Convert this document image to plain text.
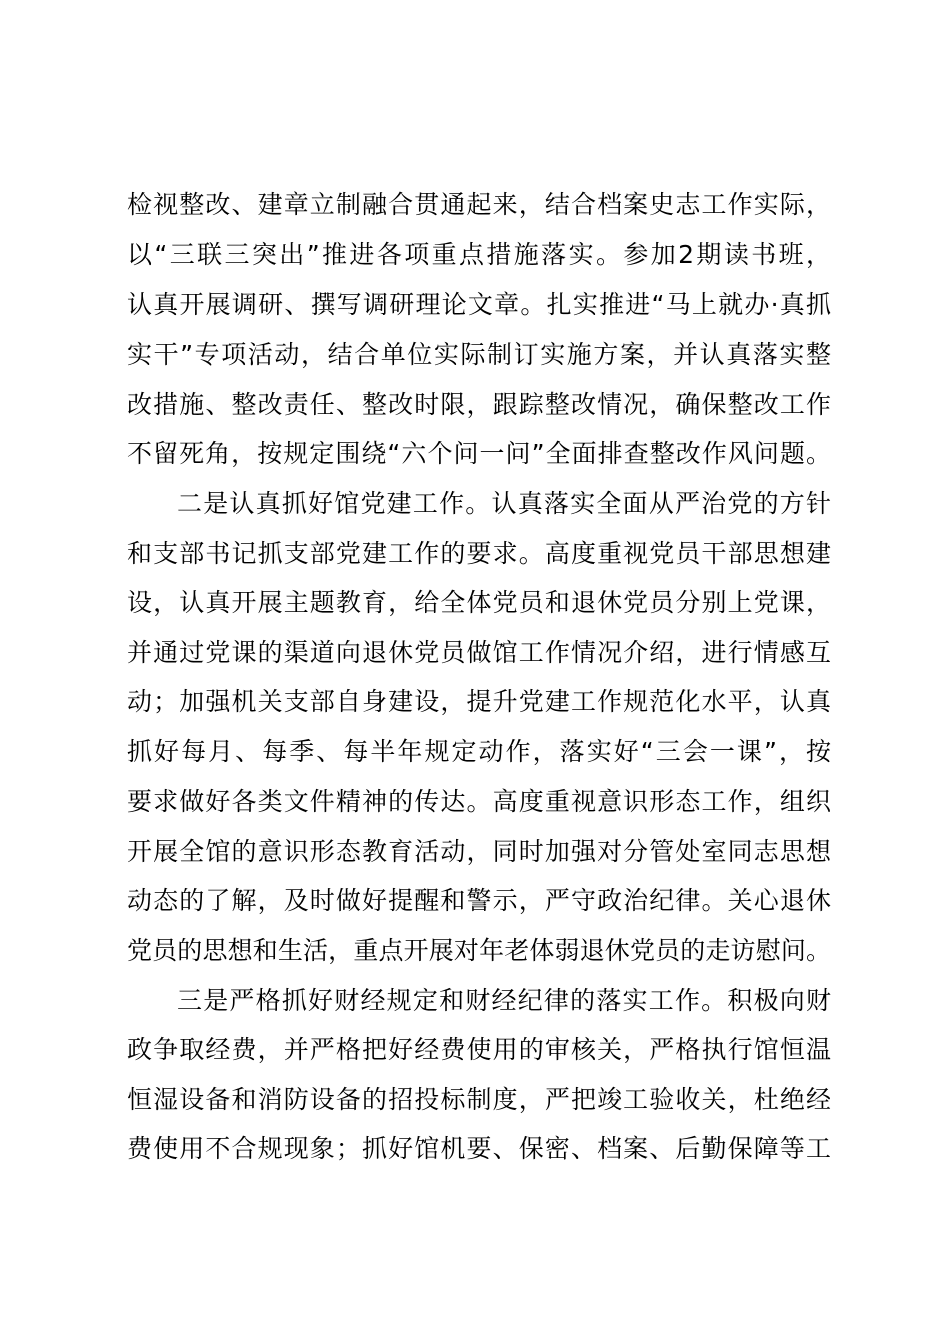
检视整改、建章立制融合贯通起来，结合档案史志工作实际，
以“三联三突出”推进各项重点措施落实。参加2期读书班，
认真开展调研、撰写调研理论文章。扎实推进“马上就办·真抓
实干”专项活动，结合单位实际制订实施方案，并认真落实整
改措施、整改责任、整改时限，跟踪整改情况，确保整改工作
不留死角，按规定围绕“六个问一问”全面排查整改作风问题。
二是认真抓好馆党建工作。认真落实全面从严治党的方针
和支部书记抓支部党建工作的要求。高度重视党员干部思想建
设，认真开展主题教育，给全体党员和退休党员分别上党课，
并通过党课的渠道向退休党员做馆工作情况介绍，进行情感互
动；加强机关支部自身建设，提升党建工作规范化水平，认真
抓好每月、每季、每半年规定动作，落实好“三会一课”，按
要求做好各类文件精神的传达。高度重视意识形态工作，组织
开展全馆的意识形态教育活动，同时加强对分管处室同志思想
动态的了解，及时做好提醒和警示，严守政治纪律。关心退休
党员的思想和生活，重点开展对年老体弱退休党员的走访慰问。
三是严格抓好财经规定和财经纪律的落实工作。积极向财
政争取经费，并严格把好经费使用的审核关，严格执行馆恒温
恒湿设备和消防设备的招投标制度，严把竣工验收关，杜绝经
费使用不合规现象；抓好馆机要、保密、档案、后勤保障等工
